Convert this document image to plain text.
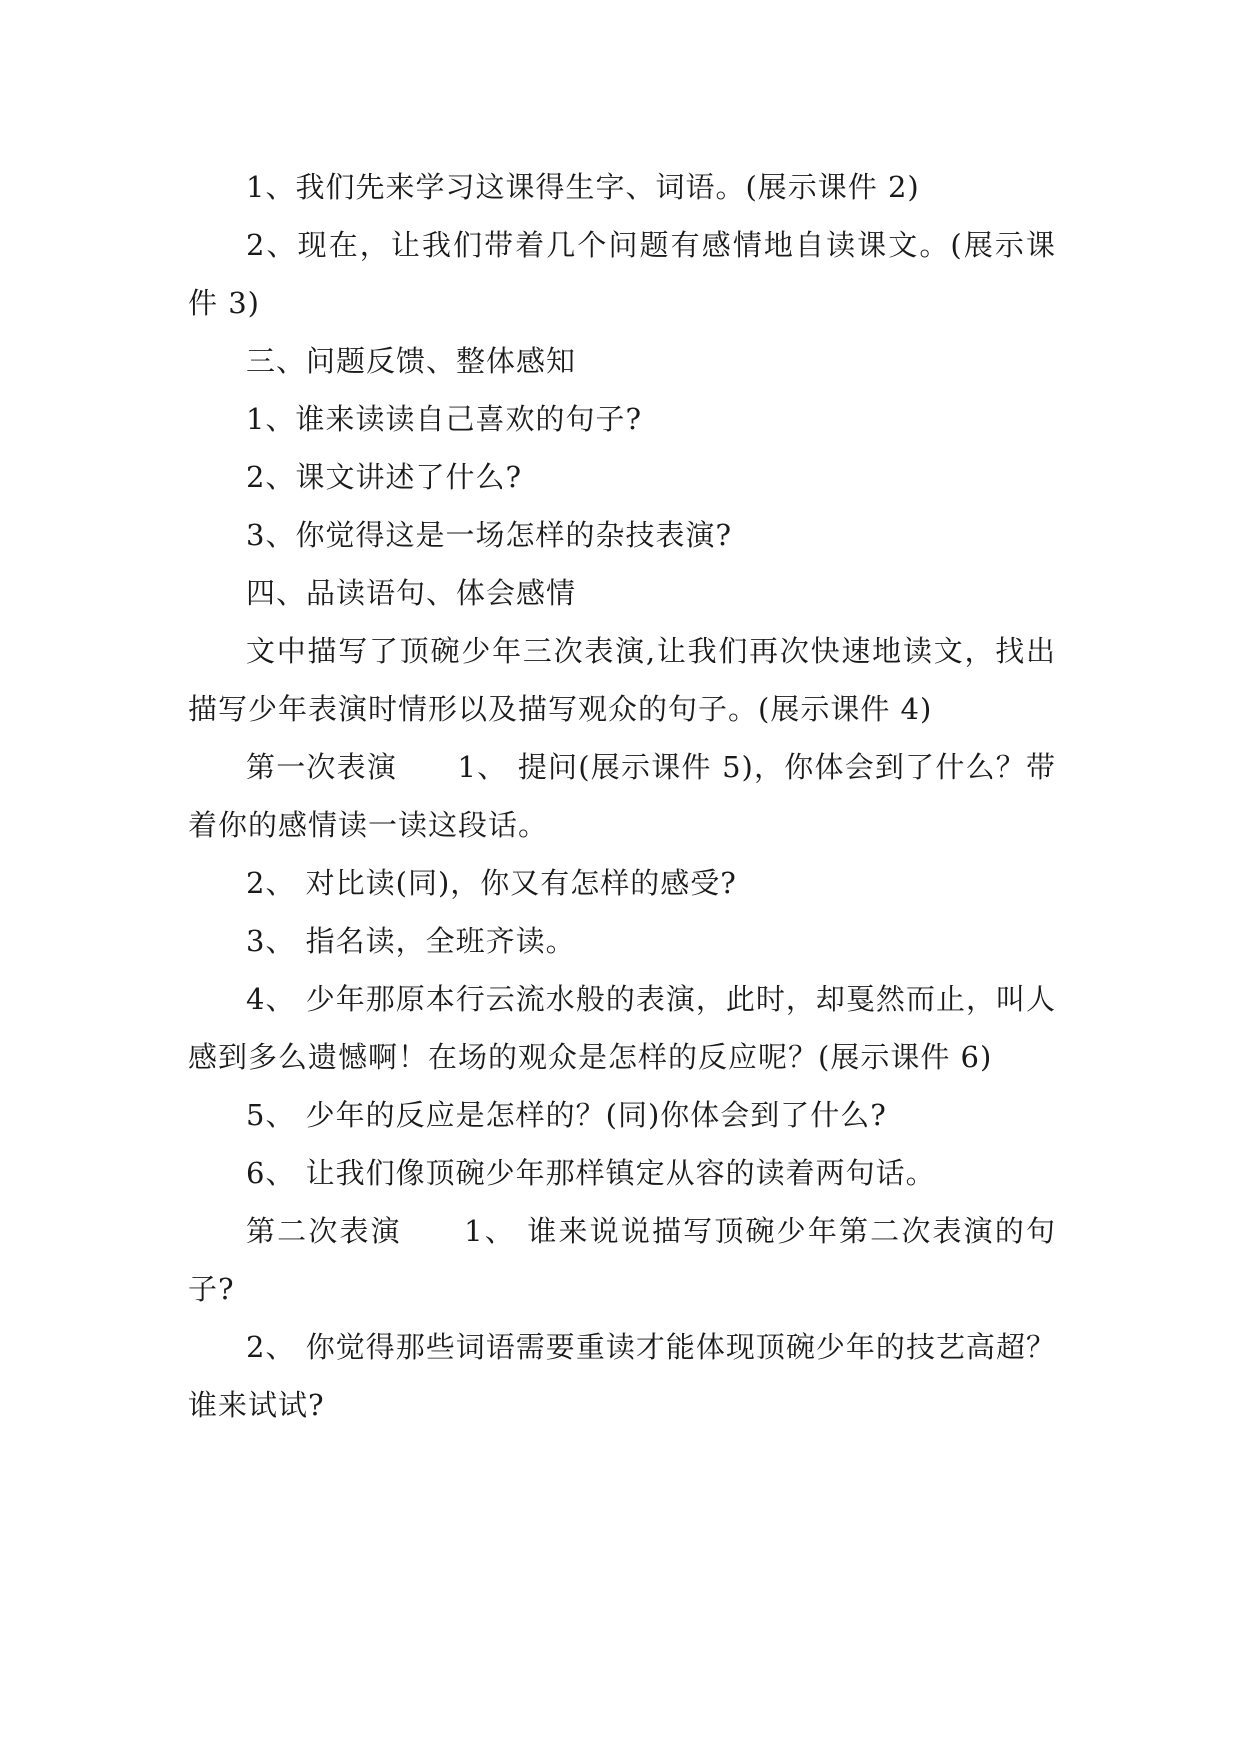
1、我们先来学习这课得生字、词语。(展示课件 2)

2、现在，让我们带着几个问题有感情地自读课文。(展示课件 3)

三、问题反馈、整体感知

1、谁来读读自己喜欢的句子?

2、课文讲述了什么?

3、你觉得这是一场怎样的杂技表演?

四、品读语句、体会感情

文中描写了顶碗少年三次表演,让我们再次快速地读文，找出描写少年表演时情形以及描写观众的句子。(展示课件 4)

第一次表演　　1、 提问(展示课件 5)，你体会到了什么？带着你的感情读一读这段话。

2、 对比读(同)，你又有怎样的感受?

3、 指名读，全班齐读。

4、 少年那原本行云流水般的表演，此时，却戛然而止，叫人感到多么遗憾啊！在场的观众是怎样的反应呢？(展示课件 6)

5、 少年的反应是怎样的？(同)你体会到了什么?

6、 让我们像顶碗少年那样镇定从容的读着两句话。

第二次表演　　1、 谁来说说描写顶碗少年第二次表演的句子?

2、 你觉得那些词语需要重读才能体现顶碗少年的技艺高超？谁来试试?
